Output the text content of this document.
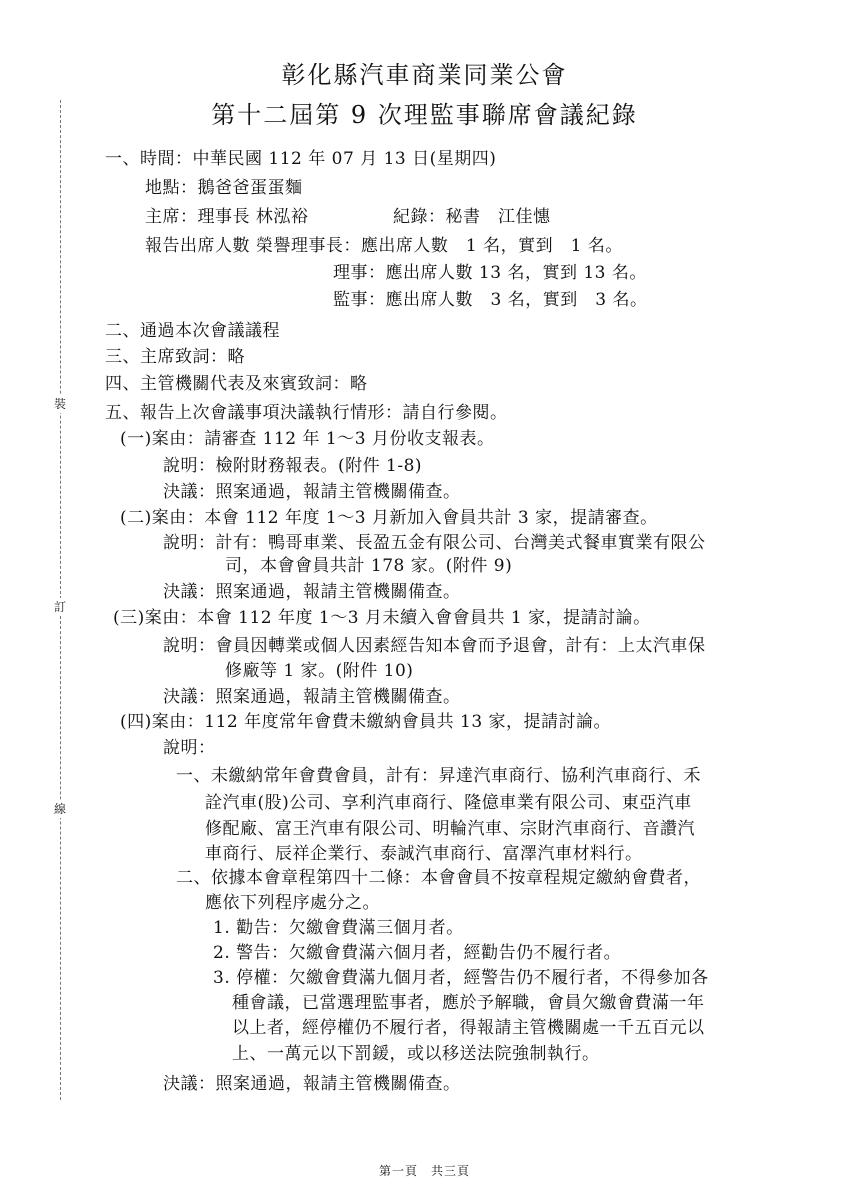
裝
訂
線
彰化縣汽車商業同業公會
第十二屆第 9 次理監事聯席會議紀錄
一、時間：中華民國 112 年 07 月 13 日(星期四)
地點：鵝爸爸蛋蛋麵
主席：理事長 林泓裕	紀錄：秘書　江佳憓
報告出席人數 榮譽理事長：應出席人數　1 名，實到　1 名。
理事：應出席人數 13 名，實到 13 名。
監事：應出席人數　3 名，實到　3 名。
二、通過本次會議議程
三、主席致詞：略
四、主管機關代表及來賓致詞：略
五、報告上次會議事項決議執行情形：請自行參閱。
(一)案由：請審查 112 年 1～3 月份收支報表。
說明：檢附財務報表。(附件 1-8)
決議：照案通過，報請主管機關備查。
(二)案由：本會 112 年度 1～3 月新加入會員共計 3 家，提請審查。
說明：計有：鴨哥車業、長盈五金有限公司、台灣美式餐車實業有限公
司，本會會員共計 178 家。(附件 9)
決議：照案通過，報請主管機關備查。
(三)案由：本會 112 年度 1～3 月未續入會會員共 1 家，提請討論。
說明：會員因轉業或個人因素經告知本會而予退會，計有：上太汽車保
修廠等 1 家。(附件 10)
決議：照案通過，報請主管機關備查。
(四)案由：112 年度常年會費未繳納會員共 13 家，提請討論。
說明：
一、未繳納常年會費會員，計有：昇達汽車商行、協利汽車商行、禾
詮汽車(股)公司、享利汽車商行、隆億車業有限公司、東亞汽車
修配廠、富王汽車有限公司、明輪汽車、宗財汽車商行、音讚汽
車商行、辰祥企業行、泰誠汽車商行、富澤汽車材料行。
二、依據本會章程第四十二條：本會會員不按章程規定繳納會費者，
應依下列程序處分之。
1. 勸告：欠繳會費滿三個月者。
2. 警告：欠繳會費滿六個月者，經勸告仍不履行者。
3. 停權：欠繳會費滿九個月者，經警告仍不履行者，不得參加各
種會議，已當選理監事者，應於予解職，會員欠繳會費滿一年
以上者，經停權仍不履行者，得報請主管機關處一千五百元以
上、一萬元以下罰鍰，或以移送法院強制執行。
決議：照案通過，報請主管機關備查。
第一頁　共三頁
